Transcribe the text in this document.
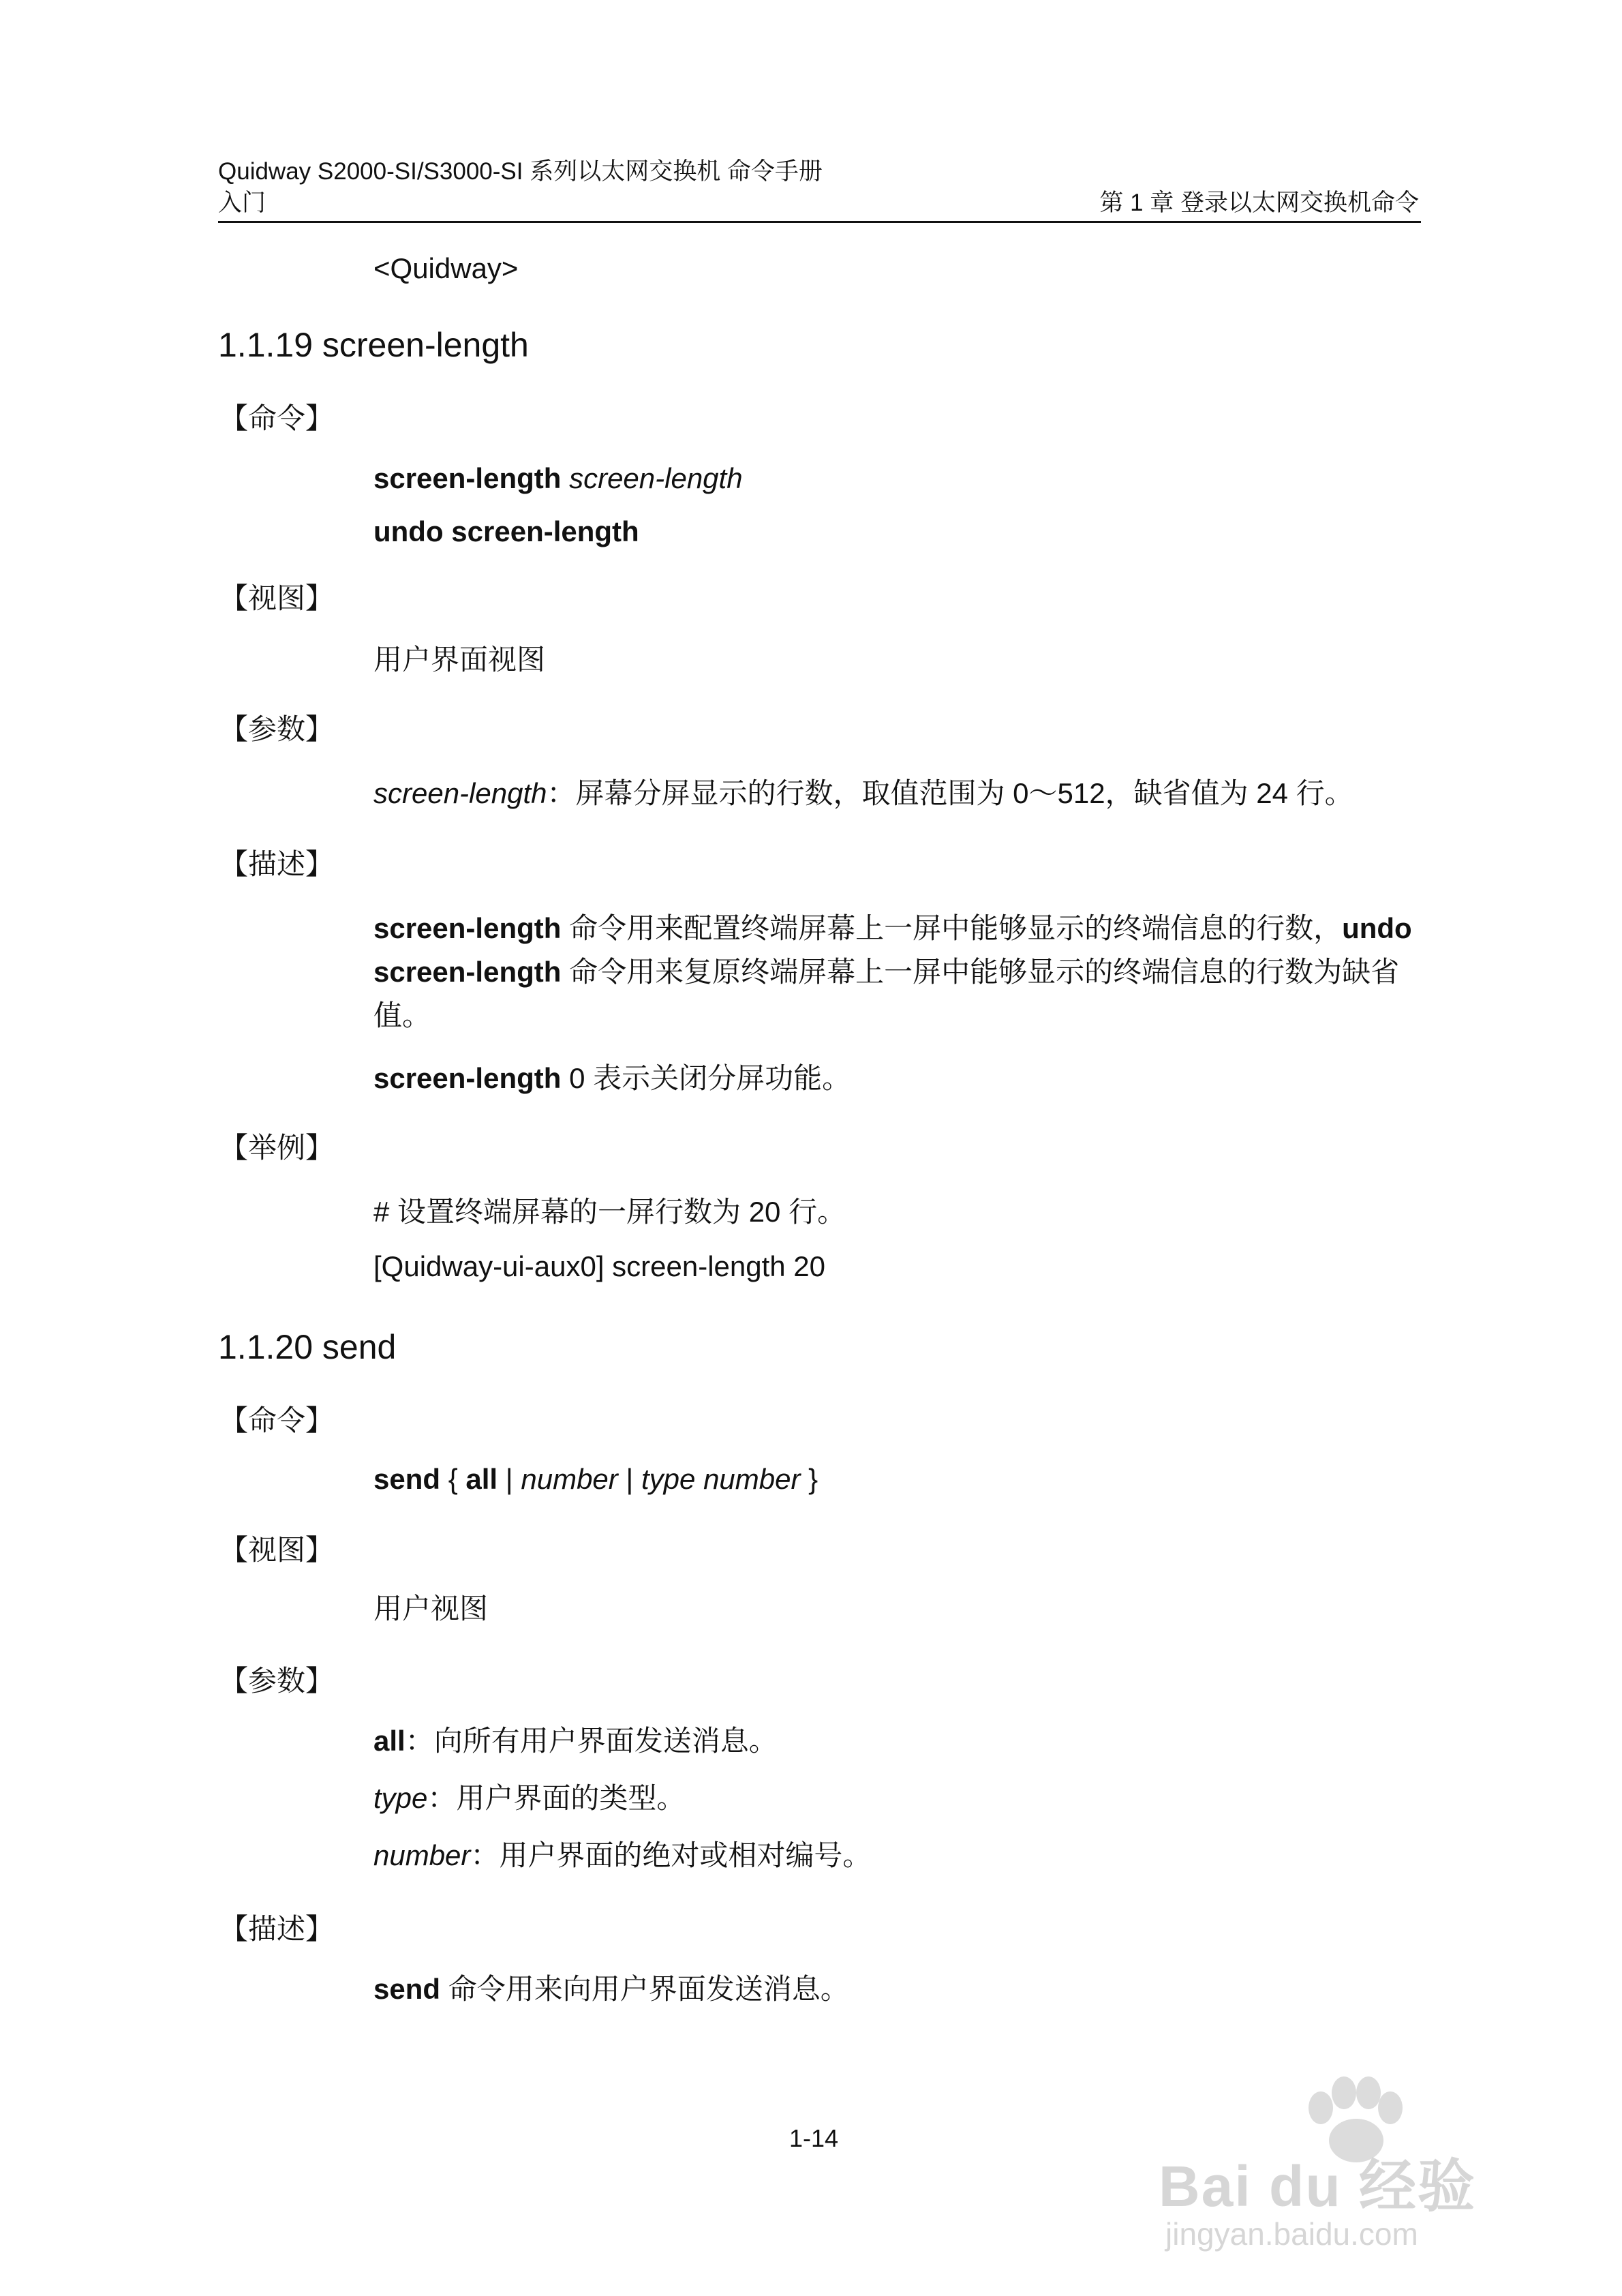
Quidway S2000-SI/S3000-SI 系列以太网交换机 命令手册
入门	第 1 章 登录以太网交换机命令
<Quidway>
1.1.19 screen-length
【命令】
screen-length screen-length
undo screen-length
【视图】
用户界面视图
【参数】
screen-length：屏幕分屏显示的行数，取值范围为 0～512，缺省值为 24 行。
【描述】
screen-length 命令用来配置终端屏幕上一屏中能够显示的终端信息的行数，undo screen-length 命令用来复原终端屏幕上一屏中能够显示的终端信息的行数为缺省值。
screen-length 0 表示关闭分屏功能。
【举例】
# 设置终端屏幕的一屏行数为 20 行。
[Quidway-ui-aux0] screen-length 20
1.1.20 send
【命令】
send { all | number | type number }
【视图】
用户视图
【参数】
all：向所有用户界面发送消息。
type：用户界面的类型。
number：用户界面的绝对或相对编号。
【描述】
send 命令用来向用户界面发送消息。
1-14
Bai du 经验
jingyan.baidu.com
